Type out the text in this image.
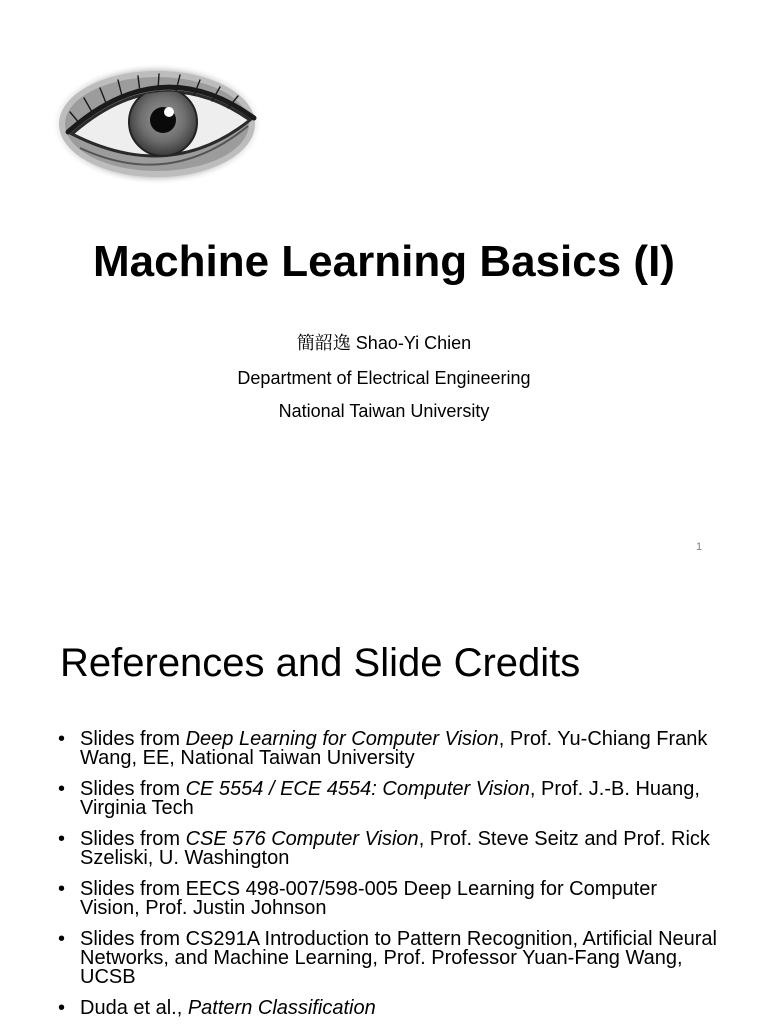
Machine Learning Basics (I)
簡韶逸 Shao-Yi Chien
Department of Electrical Engineering
National Taiwan University
1
References and Slide Credits
• Slides from Deep Learning for Computer Vision, Prof. Yu-Chiang Frank Wang, EE, National Taiwan University
• Slides from CE 5554 / ECE 4554: Computer Vision, Prof. J.-B. Huang, Virginia Tech
• Slides from CSE 576 Computer Vision, Prof. Steve Seitz and Prof. Rick Szeliski, U. Washington
• Slides from EECS 498-007/598-005 Deep Learning for Computer Vision, Prof. Justin Johnson
• Slides from CS291A Introduction to Pattern Recognition, Artificial Neural Networks, and Machine Learning, Prof. Professor Yuan-Fang Wang, UCSB
• Duda et al., Pattern Classification
